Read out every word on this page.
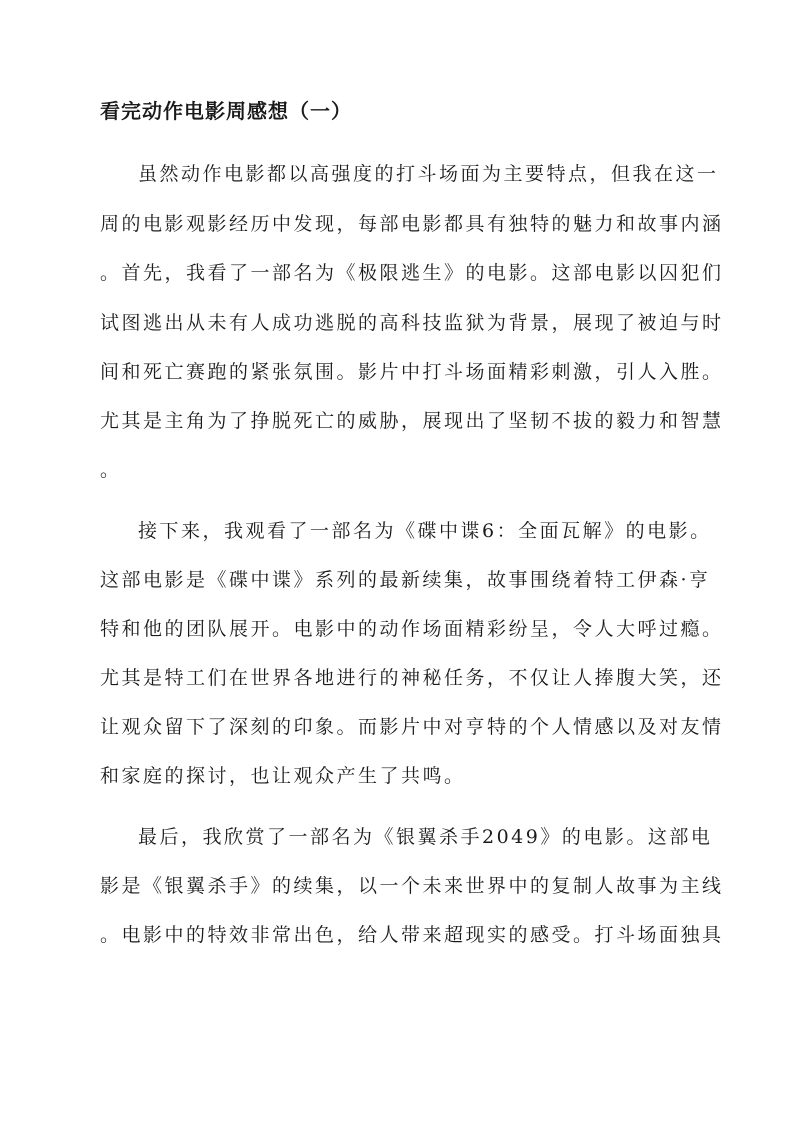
看完动作电影周感想（一）
虽然动作电影都以高强度的打斗场面为主要特点，但我在这一
周的电影观影经历中发现，每部电影都具有独特的魅力和故事内涵
。首先，我看了一部名为《极限逃生》的电影。这部电影以囚犯们
试图逃出从未有人成功逃脱的高科技监狱为背景，展现了被迫与时
间和死亡赛跑的紧张氛围。影片中打斗场面精彩刺激，引人入胜。
尤其是主角为了挣脱死亡的威胁，展现出了坚韧不拔的毅力和智慧
。
接下来，我观看了一部名为《碟中谍6：全面瓦解》的电影。
这部电影是《碟中谍》系列的最新续集，故事围绕着特工伊森·亨
特和他的团队展开。电影中的动作场面精彩纷呈，令人大呼过瘾。
尤其是特工们在世界各地进行的神秘任务，不仅让人捧腹大笑，还
让观众留下了深刻的印象。而影片中对亨特的个人情感以及对友情
和家庭的探讨，也让观众产生了共鸣。
最后，我欣赏了一部名为《银翼杀手2049》的电影。这部电
影是《银翼杀手》的续集，以一个未来世界中的复制人故事为主线
。电影中的特效非常出色，给人带来超现实的感受。打斗场面独具
